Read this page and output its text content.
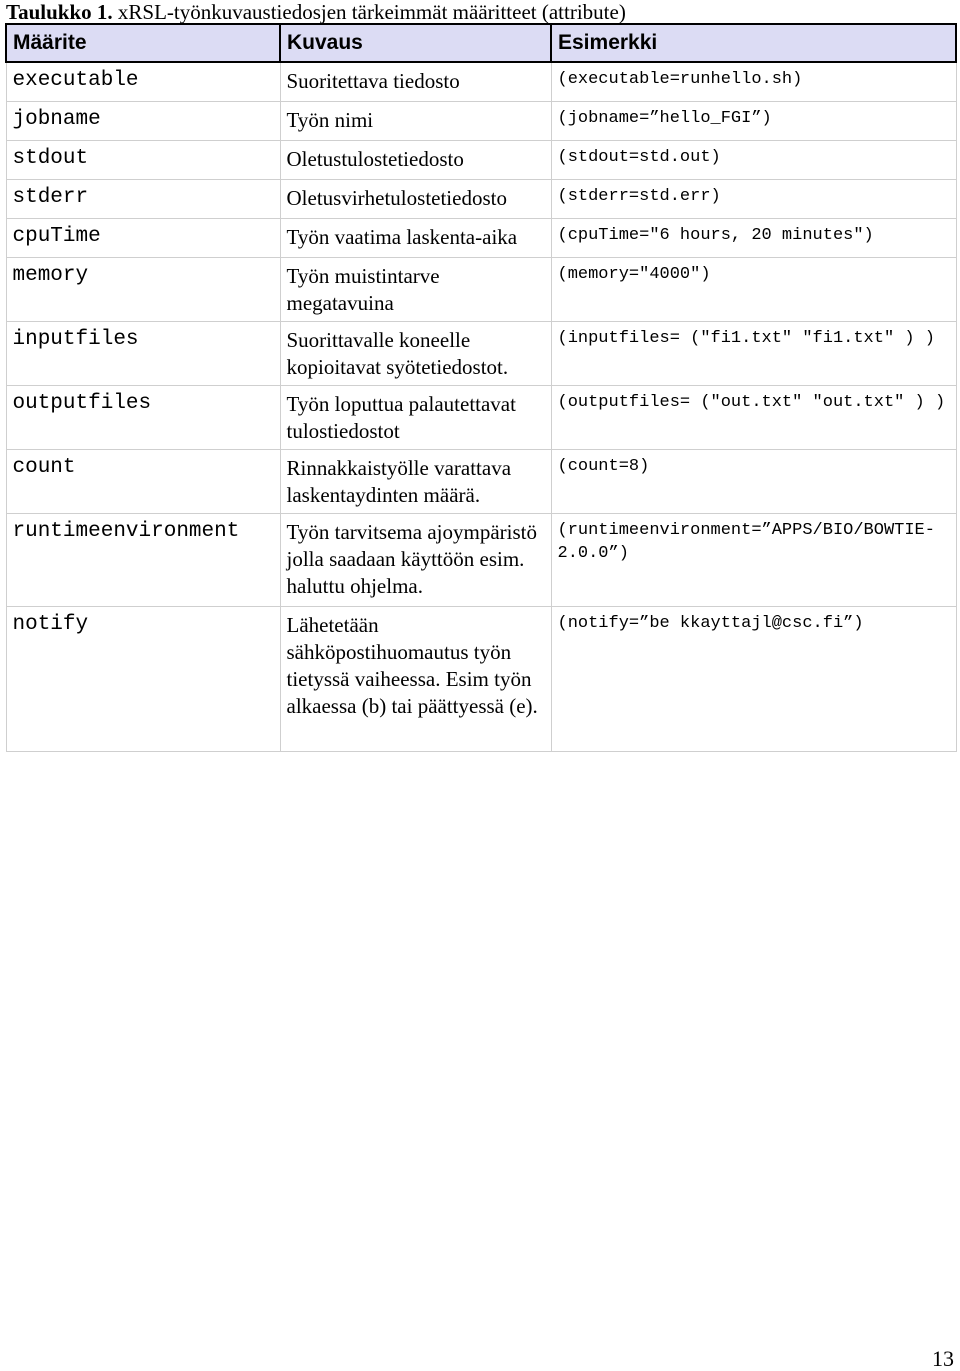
Taulukko 1. xRSL-työnkuvaustiedosjen tärkeimmät määritteet (attribute)
Määrite	Kuvaus	Esimerkki
executable	Suoritettava tiedosto	(executable=runhello.sh)
jobname	Työn nimi	(jobname=”hello_FGI”)
stdout	Oletustulostetiedosto	(stdout=std.out)
stderr	Oletusvirhetulostetiedosto	(stderr=std.err)
cpuTime	Työn vaatima laskenta-aika	(cpuTime="6 hours, 20 minutes")
memory	Työn muistintarve megatavuina	(memory="4000")
inputfiles	Suorittavalle koneelle kopioitavat syötetiedostot.	(inputfiles= ("fi1.txt" "fi1.txt" ) )
outputfiles	Työn loputtua palautettavat tulostiedostot	(outputfiles= ("out.txt" "out.txt" ) )
count	Rinnakkaistyölle varattava laskentaydinten määrä.	(count=8)
runtimeenvironment	Työn tarvitsema ajoympäristö jolla saadaan käyttöön esim. haluttu ohjelma.	(runtimeenvironment=”APPS/BIO/BOWTIE-2.0.0”)
notify	Lähetetään sähköpostihuomautus työn tietyssä vaiheessa. Esim työn alkaessa (b) tai päättyessä (e).	(notify=”be kkayttajl@csc.fi”)
13
